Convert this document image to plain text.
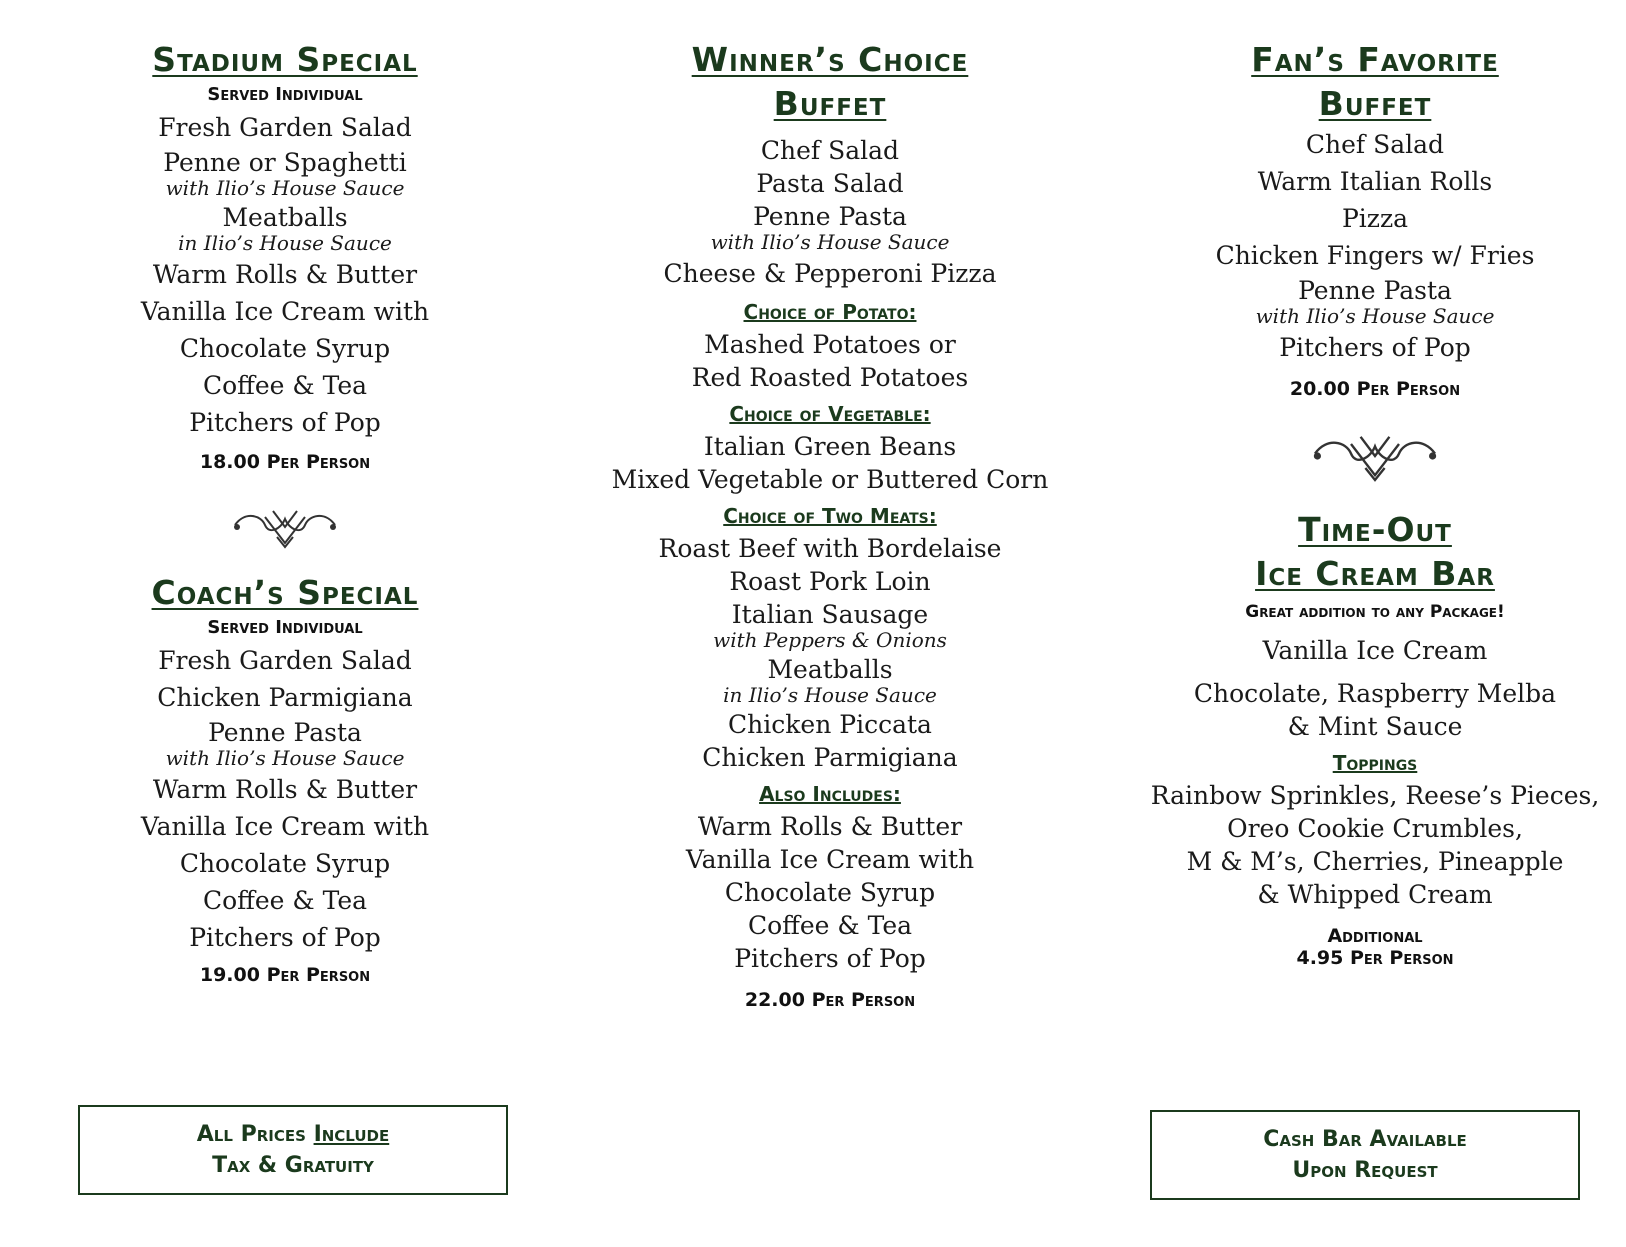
Stadium Special
Served Individual
Fresh Garden Salad
Penne or Spaghetti
with Ilio’s House Sauce
Meatballs
in Ilio’s House Sauce
Warm Rolls & Butter
Vanilla Ice Cream with
Chocolate Syrup
Coffee & Tea
Pitchers of Pop
18.00 Per Person
Coach’s Special
Served Individual
Fresh Garden Salad
Chicken Parmigiana
Penne Pasta
with Ilio’s House Sauce
Warm Rolls & Butter
Vanilla Ice Cream with
Chocolate Syrup
Coffee & Tea
Pitchers of Pop
19.00 Per Person
All Prices Include
Tax & Gratuity
Winner’s Choice
Buffet
Chef Salad
Pasta Salad
Penne Pasta
with Ilio’s House Sauce
Cheese & Pepperoni Pizza
Choice of Potato:
Mashed Potatoes or
Red Roasted Potatoes
Choice of Vegetable:
Italian Green Beans
Mixed Vegetable or Buttered Corn
Choice of Two Meats:
Roast Beef with Bordelaise
Roast Pork Loin
Italian Sausage
with Peppers & Onions
Meatballs
in Ilio’s House Sauce
Chicken Piccata
Chicken Parmigiana
Also Includes:
Warm Rolls & Butter
Vanilla Ice Cream with
Chocolate Syrup
Coffee & Tea
Pitchers of Pop
22.00 Per Person
Fan’s Favorite
Buffet
Chef Salad
Warm Italian Rolls
Pizza
Chicken Fingers w/ Fries
Penne Pasta
with Ilio’s House Sauce
Pitchers of Pop
20.00 Per Person
Time-Out
Ice Cream Bar
Great addition to any Package!
Vanilla Ice Cream
Chocolate, Raspberry Melba
& Mint Sauce
Toppings
Rainbow Sprinkles, Reese’s Pieces,
Oreo Cookie Crumbles,
M & M’s, Cherries, Pineapple
& Whipped Cream
Additional
4.95 Per Person
Cash Bar Available
Upon Request
